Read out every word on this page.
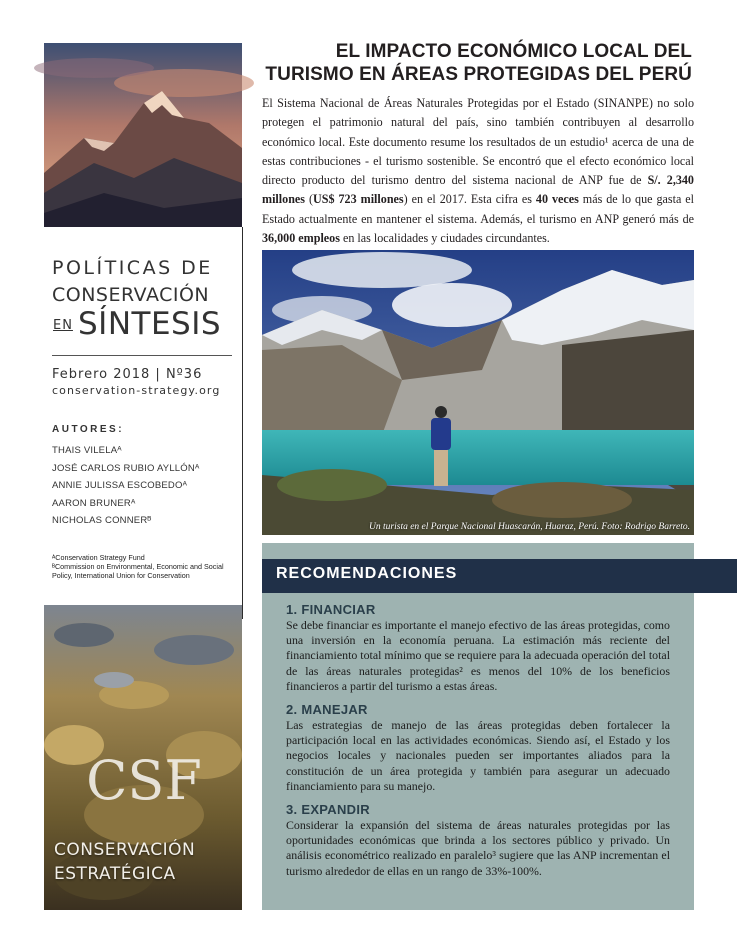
POLÍTICAS DE
CONSERVACIÓN
EN SÍNTESIS
Febrero 2018 | Nº36
conservation-strategy.org
AUTORES:
THAIS VILELAᴬ
JOSÉ CARLOS RUBIO AYLLÓNᴬ
ANNIE JULISSA ESCOBEDOᴬ
AARON BRUNERᴬ
NICHOLAS CONNERᴮ
ᴬConservation Strategy Fund
ᴮCommission on Environmental, Economic and Social Policy, International Union for Conservation
CSF
CONSERVACIÓN
ESTRATÉGICA
EL IMPACTO ECONÓMICO LOCAL DEL TURISMO EN ÁREAS PROTEGIDAS DEL PERÚ

El Sistema Nacional de Áreas Naturales Protegidas por el Estado (SINANPE) no solo protegen el patrimonio natural del país, sino también contribuyen al desarrollo económico local. Este documento resume los resultados de un estudio¹ acerca de una de estas contribuciones - el turismo sostenible. Se encontró que el efecto económico local directo producto del turismo dentro del sistema nacional de ANP fue de S/. 2,340 millones (US$ 723 millones) en el 2017. Esta cifra es 40 veces más de lo que gasta el Estado actualmente en mantener el sistema. Además, el turismo en ANP generó más de 36,000 empleos en las localidades y ciudades circundantes.

Un turista en el Parque Nacional Huascarán, Huaraz, Perú. Foto: Rodrigo Barreto.

RECOMENDACIONES

1. FINANCIAR

Se debe financiar es importante el manejo efectivo de las áreas protegidas, como una inversión en la economía peruana. La estimación más reciente del financiamiento total mínimo que se requiere para la adecuada operación del total de las áreas naturales protegidas² es menos del 10% de los beneficios financieros a partir del turismo a estas áreas.

2. MANEJAR

Las estrategias de manejo de las áreas protegidas deben fortalecer la participación local en las actividades económicas. Siendo así, el Estado y los negocios locales y nacionales pueden ser importantes aliados para la constitución de un área protegida y también para asegurar un adecuado financiamiento para su manejo.

3. EXPANDIR

Considerar la expansión del sistema de áreas naturales protegidas por las oportunidades económicas que brinda a los sectores público y privado. Un análisis econométrico realizado en paralelo³ sugiere que las ANP incrementan el turismo alrededor de ellas en un rango de 33%-100%.
